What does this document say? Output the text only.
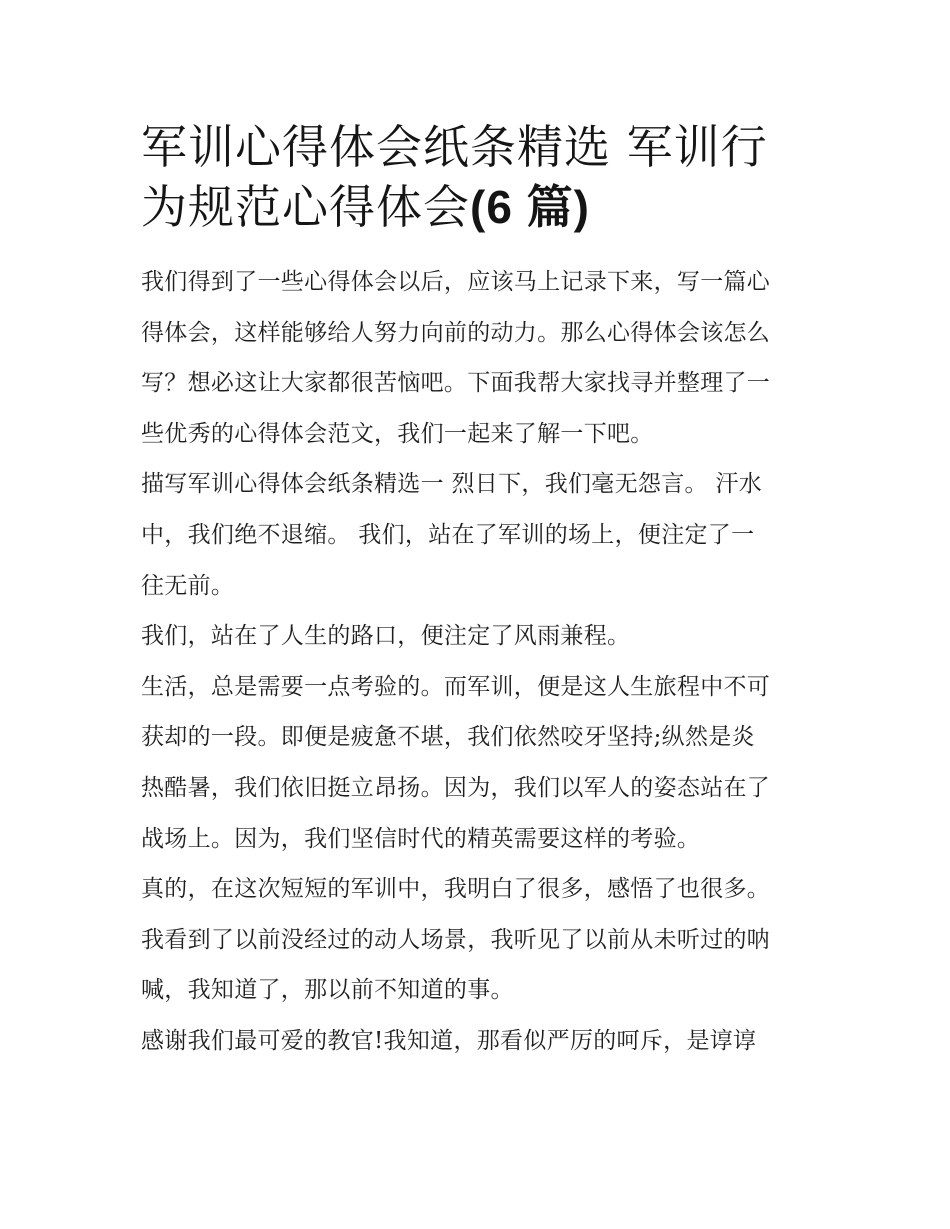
军训心得体会纸条精选 军训行
为规范心得体会(6 篇)
我们得到了一些心得体会以后，应该马上记录下来，写一篇心
得体会，这样能够给人努力向前的动力。那么心得体会该怎么
写？想必这让大家都很苦恼吧。下面我帮大家找寻并整理了一
些优秀的心得体会范文，我们一起来了解一下吧。
描写军训心得体会纸条精选一 烈日下，我们毫无怨言。 汗水
中，我们绝不退缩。 我们，站在了军训的场上，便注定了一
往无前。
我们，站在了人生的路口，便注定了风雨兼程。
生活，总是需要一点考验的。而军训，便是这人生旅程中不可
获却的一段。即便是疲惫不堪，我们依然咬牙坚持;纵然是炎
热酷暑，我们依旧挺立昂扬。因为，我们以军人的姿态站在了
战场上。因为，我们坚信时代的精英需要这样的考验。
真的，在这次短短的军训中，我明白了很多，感悟了也很多。
我看到了以前没经过的动人场景，我听见了以前从未听过的呐
喊，我知道了，那以前不知道的事。
感谢我们最可爱的教官!我知道，那看似严厉的呵斥，是谆谆
